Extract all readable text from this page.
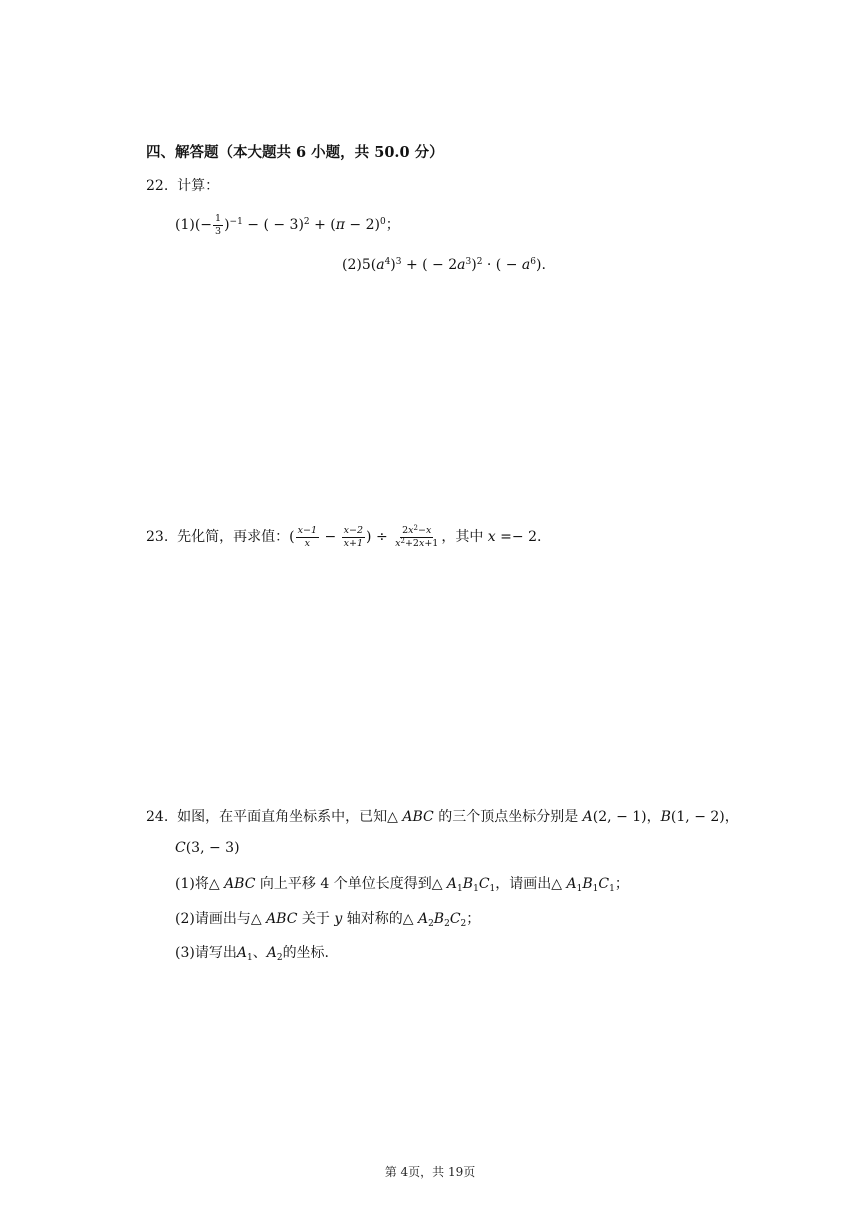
四、解答题（本大题共 6 小题，共 50.0 分）
22. 计算：
$(1)(- \frac{1}{3} )^{-1}$ − ( − $3)^2 + (\pi - 2)^0$；
$(2)5(a^4)^3$ + ( − $2a^3)^2$ · ( − $a^6$).
23.  先化简，再求值：( $\frac{x-1}{x} - \frac{x-2}{x+1}$ ) ÷ $\frac{2x^2-x}{x^2+2x+1}$ ，其中 x =− 2.
24.  如图，在平面直角坐标系中，已知△ ABC 的三个顶点坐标分别是 A(2, − 1)，B(1, − 2)，
C(3, − 3)
(1)将△ ABC 向上平移 4 个单位长度得到△ $A_1B_1C_1$，请画出△ $A_1B_1C_1$；
(2)请画出与△ ABC 关于 y 轴对称的△ $A_2B_2C_2$；
(3)请写出$A_1$、$A_2$的坐标.
第 4页，共 19页
